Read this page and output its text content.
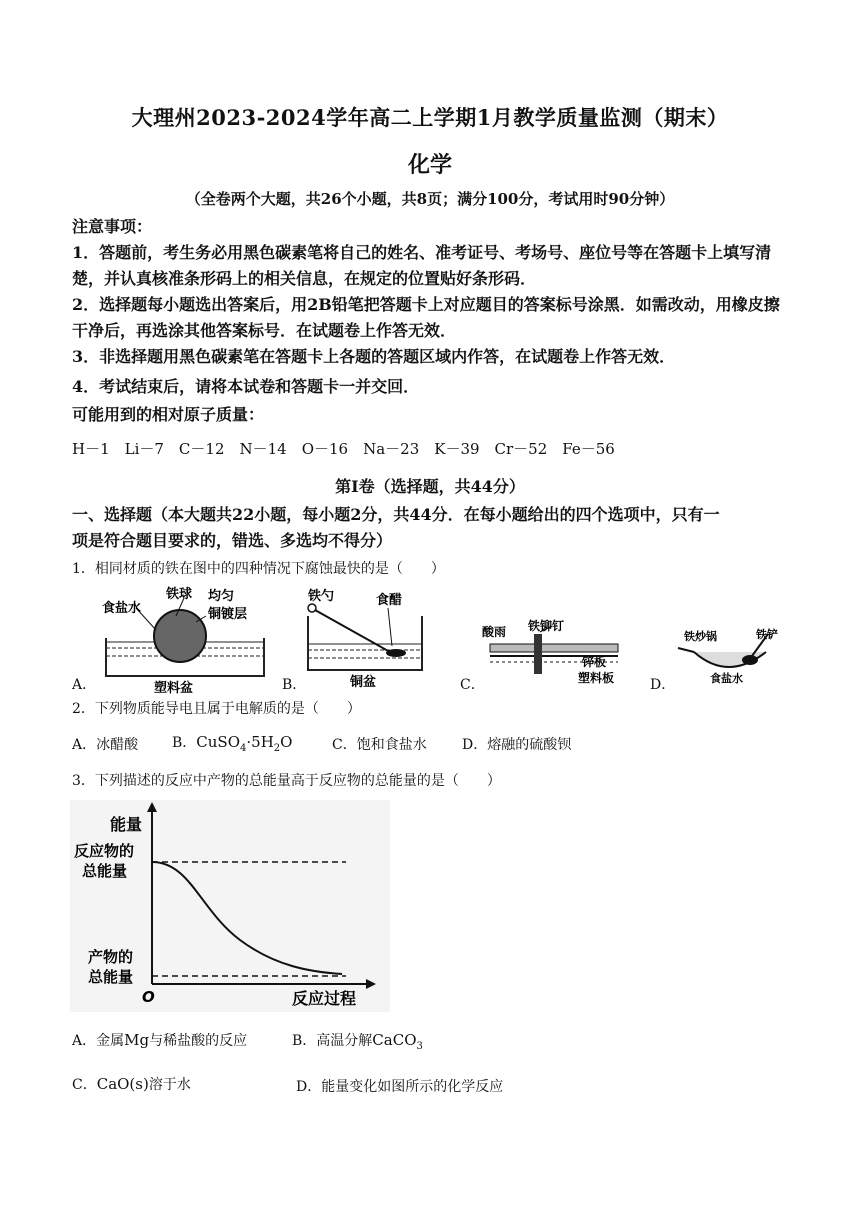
大理州2023-2024学年高二上学期1月教学质量监测（期末）
化学
（全卷两个大题，共26个小题，共8页；满分100分，考试用时90分钟）
注意事项：
1．答题前，考生务必用黑色碳素笔将自己的姓名、准考证号、考场号、座位号等在答题卡上填写清楚，并认真核准条形码上的相关信息，在规定的位置贴好条形码．
2．选择题每小题选出答案后，用2B铅笔把答题卡上对应题目的答案标号涂黑．如需改动，用橡皮擦干净后，再选涂其他答案标号．在试题卷上作答无效．
3．非选择题用黑色碳素笔在答题卡上各题的答题区域内作答，在试题卷上作答无效．
4．考试结束后，请将本试卷和答题卡一并交回．
可能用到的相对原子质量：
H－1　Li－7　C－12　N－14　O－16　Na－23　K－39　Cr－52　Fe－56
第Ⅰ卷（选择题，共44分）
一、选择题（本大题共22小题，每小题2分，共44分．在每小题给出的四个选项中，只有一
项是符合题目要求的，错选、多选均不得分）
1．相同材质的铁在图中的四种情况下腐蚀最快的是（　　）
食盐水
铁球 均匀
铜镀层
塑料盆
A．
铁勺	食醋
铜盆
B．
酸雨 铁铆钉
锌板
塑料板
C．
铁炒锅	铁铲
食盐水
D．
2．下列物质能导电且属于电解质的是（　　）
A．冰醋酸 B．$CuSO_4\cdot 5H_2O$	C．饱和食盐水	D．熔融的硫酸钡
3．下列描述的反应中产物的总能量高于反应物的总能量的是（　　）
能量
反应物的
总能量
产物的
总能量
O	反应过程
A．金属Mg与稀盐酸的反应	B．高温分解CaCO$_3$
C．CaO(s)溶于水	D．能量变化如图所示的化学反应
